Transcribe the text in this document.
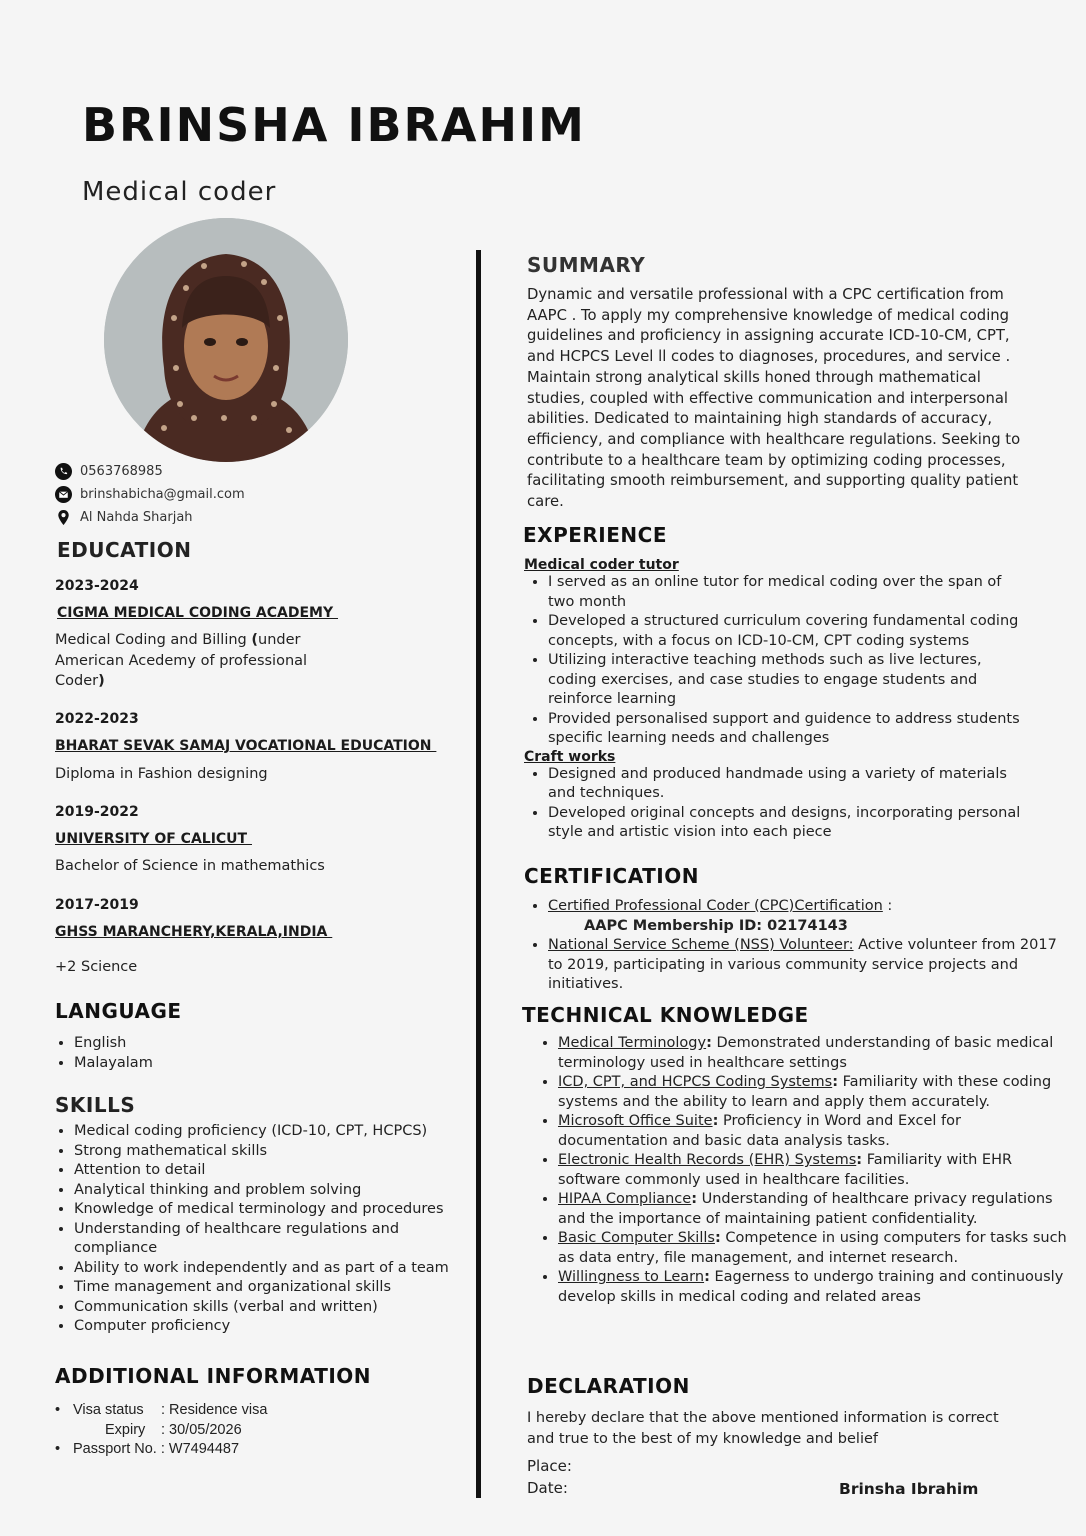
BRINSHA IBRAHIM

Medical coder

0563768985
brinshabicha@gmail.com
Al Nahda Sharjah
EDUCATION

2023-2024

CIGMA MEDICAL CODING ACADEMY

Medical Coding and Billing (under American Acedemy of professional Coder)

2022-2023

BHARAT SEVAK SAMAJ VOCATIONAL EDUCATION

Diploma in Fashion designing

2019-2022

UNIVERSITY OF CALICUT

Bachelor of Science in mathemathics

2017-2019

GHSS MARANCHERY,KERALA,INDIA

+2 Science

LANGUAGE
• English
• Malayalam
SKILLS
• Medical coding proficiency (ICD-10, CPT, HCPCS)
• Strong mathematical skills
• Attention to detail
• Analytical thinking and problem solving
• Knowledge of medical terminology and procedures
• Understanding of healthcare regulations and compliance
• Ability to work independently and as part of a team
• Time management and organizational skills
• Communication skills (verbal and written)
• Computer proficiency
ADDITIONAL INFORMATION
• Visa status : Residence visa
Expiry : 30/05/2026
• Passport No. : W7494487
SUMMARY

Dynamic and versatile professional with a CPC certification from AAPC . To apply my comprehensive knowledge of medical coding guidelines and proficiency in assigning accurate ICD-10-CM, CPT, and HCPCS Level ll codes to diagnoses, procedures, and service . Maintain strong analytical skills honed through mathematical studies, coupled with effective communication and interpersonal abilities. Dedicated to maintaining high standards of accuracy, efficiency, and compliance with healthcare regulations. Seeking to contribute to a healthcare team by optimizing coding processes, facilitating smooth reimbursement, and supporting quality patient care.

EXPERIENCE

Medical coder tutor

• I served as an online tutor for medical coding over the span of two month
• Developed a structured curriculum covering fundamental coding concepts, with a focus on ICD-10-CM, CPT coding systems
• Utilizing interactive teaching methods such as live lectures, coding exercises, and case studies to engage students and reinforce learning
• Provided personalised support and guidence to address students specific learning needs and challenges

Craft works

• Designed and produced handmade using a variety of materials and techniques.
• Developed original concepts and designs, incorporating personal style and artistic vision into each piece
CERTIFICATION
• Certified Professional Coder (CPC)Certification :
AAPC Membership ID: 02174143
• National Service Scheme (NSS) Volunteer: Active volunteer from 2017 to 2019, participating in various community service projects and initiatives.
TECHNICAL KNOWLEDGE
• Medical Terminology: Demonstrated understanding of basic medical terminology used in healthcare settings
• ICD, CPT, and HCPCS Coding Systems: Familiarity with these coding systems and the ability to learn and apply them accurately.
• Microsoft Office Suite: Proficiency in Word and Excel for documentation and basic data analysis tasks.
• Electronic Health Records (EHR) Systems: Familiarity with EHR software commonly used in healthcare facilities.
• HIPAA Compliance: Understanding of healthcare privacy regulations and the importance of maintaining patient confidentiality.
• Basic Computer Skills: Competence in using computers for tasks such as data entry, file management, and internet research.
• Willingness to Learn: Eagerness to undergo training and continuously develop skills in medical coding and related areas
DECLARATION

I hereby declare that the above mentioned information is correct and true to the best of my knowledge and belief

Place:

Date:	Brinsha Ibrahim
